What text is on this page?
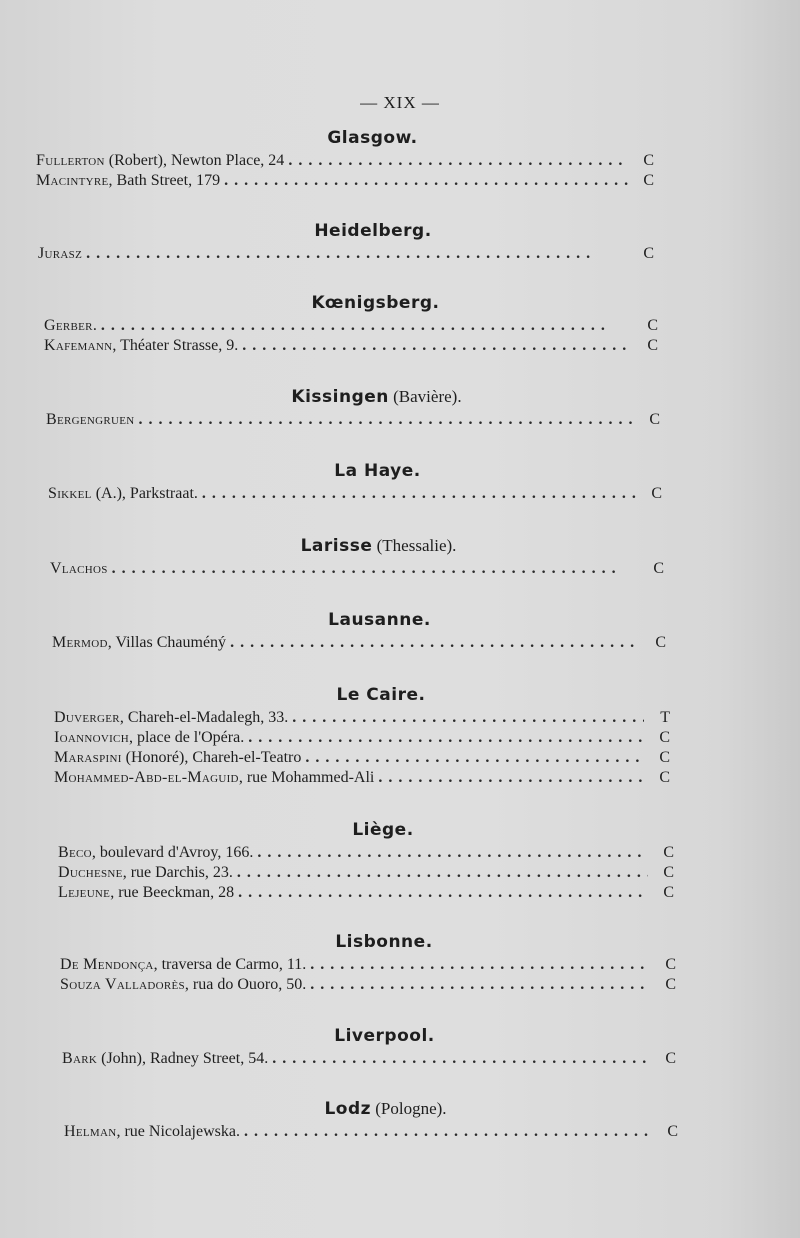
— XIX —
Glasgow.
Fullerton (Robert), Newton Place, 24 . . .	C
Macintyre, Bath Street, 179 . . .	C
Heidelberg.
Jurasz . . .	C
Kœnigsberg.
Gerber. . . .	C
Kafemann, Théater Strasse, 9. . . .	C
Kissingen (Bavière).
Bergengruen . . .	C
La Haye.
Sikkel (A.), Parkstraat. . . .	C
Larisse (Thessalie).
Vlachos . . .	C
Lausanne.
Mermod, Villas Chauméný . . .	C
Le Caire.
Duverger, Chareh-el-Madalegh, 33. . . .	T
Ioannovich, place de l'Opéra. . . .	C
Maraspini (Honoré), Chareh-el-Teatro . . .	C
Mohammed-Abd-el-Maguid, rue Mohammed-Ali . . .	C
Liège.
Beco, boulevard d'Avroy, 166. . . .	C
Duchesne, rue Darchis, 23. . . .	C
Lejeune, rue Beeckman, 28 . . .	C
Lisbonne.
De Mendonça, traversa de Carmo, 11. . . .	C
Souza Valladorès, rua do Ouoro, 50. . . .	C
Liverpool.
Bark (John), Radney Street, 54. . . .	C
Lodz (Pologne).
Helman, rue Nicolajewska. . . .	C
